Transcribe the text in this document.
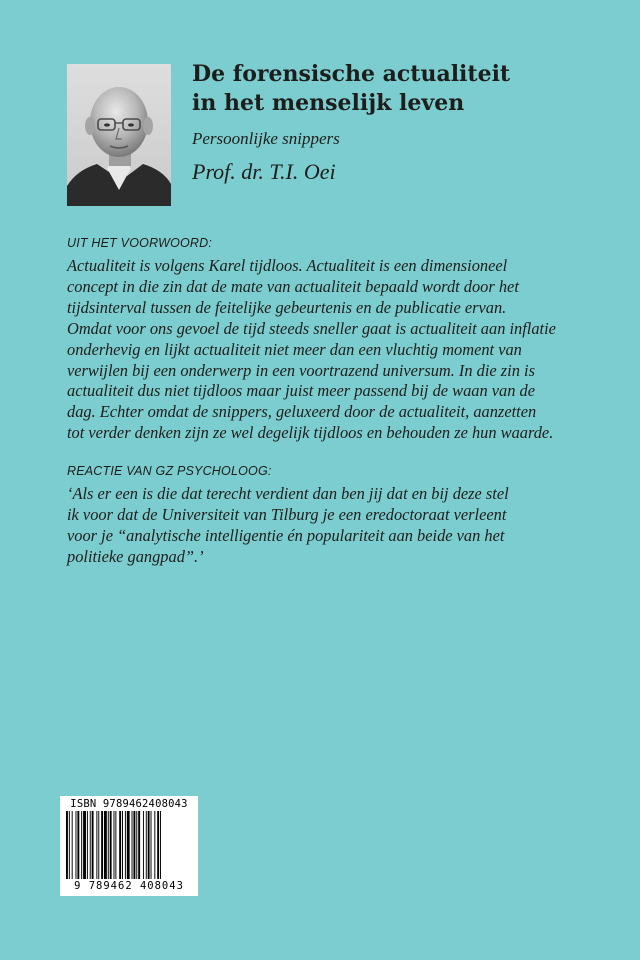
De forensische actualiteit
in het menselijk leven
Persoonlijke snippers
Prof. dr. T.I. Oei
UIT HET VOORWOORD:

Actualiteit is volgens Karel tijdloos. Actualiteit is een dimensioneel
concept in die zin dat de mate van actualiteit bepaald wordt door het
tijdsinterval tussen de feitelijke gebeurtenis en de publicatie ervan.
Omdat voor ons gevoel de tijd steeds sneller gaat is actualiteit aan inflatie
onderhevig en lijkt actualiteit niet meer dan een vluchtig moment van
verwijlen bij een onderwerp in een voortrazend universum. In die zin is
actualiteit dus niet tijdloos maar juist meer passend bij de waan van de
dag. Echter omdat de snippers, geluxeerd door de actualiteit, aanzetten
tot verder denken zijn ze wel degelijk tijdloos en behouden ze hun waarde.

REACTIE VAN GZ PSYCHOLOOG:

‘Als er een is die dat terecht verdient dan ben jij dat en bij deze stel
ik voor dat de Universiteit van Tilburg je een eredoctoraat verleent
voor je “analytische intelligentie én populariteit aan beide van het
politieke gangpad”.’

ISBN 9789462408043
9 789462 408043
